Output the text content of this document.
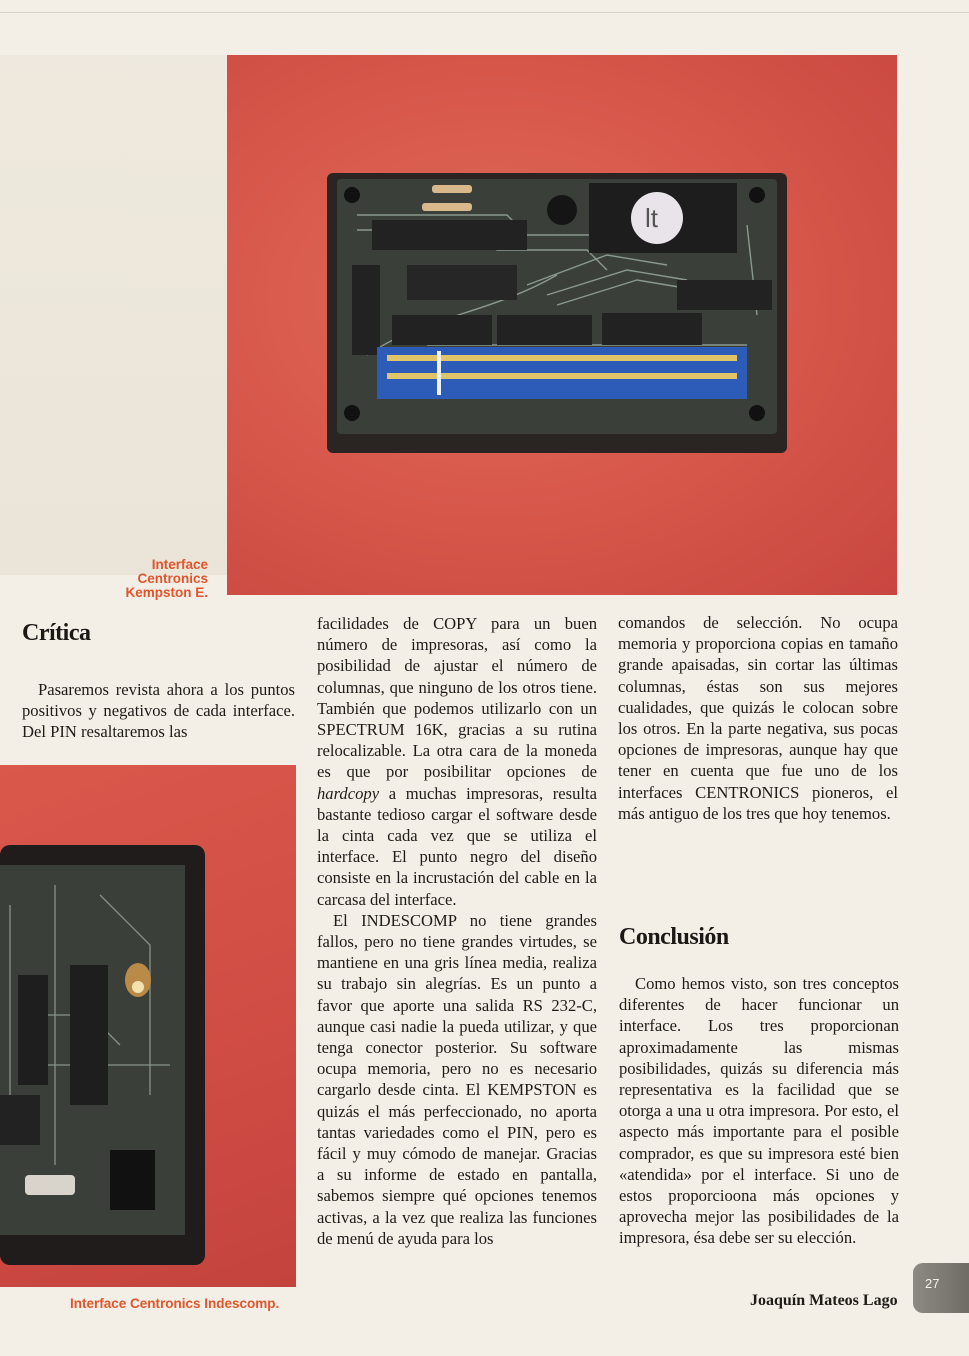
lt
Interface
Centronics
Kempston E.
Interface Centronics Indescomp.
Crítica
Conclusión
Pasaremos revista ahora a los puntos positivos y negativos de cada interface. Del PIN resaltaremos las

facilidades de COPY para un buen número de impresoras, así como la posibilidad de ajustar el número de columnas, que ninguno de los otros tiene. También que podemos utilizarlo con un SPECTRUM 16K, gracias a su rutina relocalizable. La otra cara de la moneda es que por posibilitar opciones de hardcopy a muchas impresoras, resulta bastante tedioso cargar el software desde la cinta cada vez que se utiliza el interface. El punto negro del diseño consiste en la incrustación del cable en la carcasa del interface.

El INDESCOMP no tiene grandes fallos, pero no tiene grandes virtudes, se mantiene en una gris línea media, realiza su trabajo sin alegrías. Es un punto a favor que aporte una salida RS 232-C, aunque casi nadie la pueda utilizar, y que tenga conector posterior. Su software ocupa memoria, pero no es necesario cargarlo desde cinta. El KEMPSTON es quizás el más perfeccionado, no aporta tantas variedades como el PIN, pero es fácil y muy cómodo de manejar. Gracias a su informe de estado en pantalla, sabemos siempre qué opciones tenemos activas, a la vez que realiza las funciones de menú de ayuda para los

comandos de selección. No ocupa memoria y proporciona copias en tamaño grande apaisadas, sin cortar las últimas columnas, éstas son sus mejores cualidades, que quizás le colocan sobre los otros. En la parte negativa, sus pocas opciones de impresoras, aunque hay que tener en cuenta que fue uno de los interfaces CENTRONICS pioneros, el más antiguo de los tres que hoy tenemos.

Como hemos visto, son tres conceptos diferentes de hacer funcionar un interface. Los tres proporcionan aproximadamente las mismas posibilidades, quizás su diferencia más representativa es la facilidad que se otorga a una u otra impresora. Por esto, el aspecto más importante para el posible comprador, es que su impresora esté bien «atendida» por el interface. Si uno de estos proporcioona más opciones y aprovecha mejor las posibilidades de la impresora, ésa debe ser su elección.
Joaquín Mateos Lago
27
